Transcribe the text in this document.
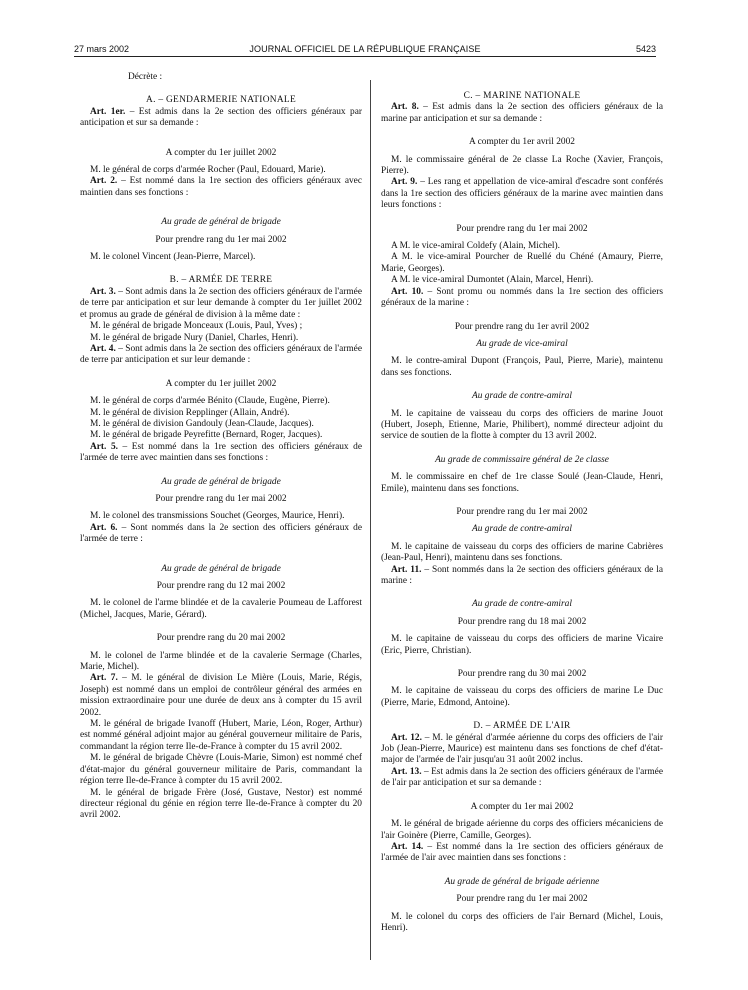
27 mars 2002	JOURNAL OFFICIEL DE LA RÉPUBLIQUE FRANÇAISE	5423

Décrète :

A. – GENDARMERIE NATIONALE

Art. 1er. – Est admis dans la 2e section des officiers généraux par anticipation et sur sa demande :

A compter du 1er juillet 2002

M. le général de corps d'armée Rocher (Paul, Edouard, Marie).

Art. 2. – Est nommé dans la 1re section des officiers généraux avec maintien dans ses fonctions :

Au grade de général de brigade

Pour prendre rang du 1er mai 2002

M. le colonel Vincent (Jean-Pierre, Marcel).

B. – ARMÉE DE TERRE

Art. 3. – Sont admis dans la 2e section des officiers généraux de l'armée de terre par anticipation et sur leur demande à compter du 1er juillet 2002 et promus au grade de général de division à la même date :

M. le général de brigade Monceaux (Louis, Paul, Yves) ;

M. le général de brigade Nury (Daniel, Charles, Henri).

Art. 4. – Sont admis dans la 2e section des officiers généraux de l'armée de terre par anticipation et sur leur demande :

A compter du 1er juillet 2002

M. le général de corps d'armée Bénito (Claude, Eugène, Pierre).

M. le général de division Repplinger (Allain, André).

M. le général de division Gandouly (Jean-Claude, Jacques).

M. le général de brigade Peyrefitte (Bernard, Roger, Jacques).

Art. 5. – Est nommé dans la 1re section des officiers généraux de l'armée de terre avec maintien dans ses fonctions :

Au grade de général de brigade

Pour prendre rang du 1er mai 2002

M. le colonel des transmissions Souchet (Georges, Maurice, Henri).

Art. 6. – Sont nommés dans la 2e section des officiers généraux de l'armée de terre :

Au grade de général de brigade

Pour prendre rang du 12 mai 2002

M. le colonel de l'arme blindée et de la cavalerie Poumeau de Lafforest (Michel, Jacques, Marie, Gérard).

Pour prendre rang du 20 mai 2002

M. le colonel de l'arme blindée et de la cavalerie Sermage (Charles, Marie, Michel).

Art. 7. – M. le général de division Le Mière (Louis, Marie, Régis, Joseph) est nommé dans un emploi de contrôleur général des armées en mission extraordinaire pour une durée de deux ans à compter du 15 avril 2002.

M. le général de brigade Ivanoff (Hubert, Marie, Léon, Roger, Arthur) est nommé général adjoint major au général gouverneur militaire de Paris, commandant la région terre Ile-de-France à compter du 15 avril 2002.

M. le général de brigade Chèvre (Louis-Marie, Simon) est nommé chef d'état-major du général gouverneur militaire de Paris, commandant la région terre Ile-de-France à compter du 15 avril 2002.

M. le général de brigade Frère (José, Gustave, Nestor) est nommé directeur régional du génie en région terre Ile-de-France à compter du 20 avril 2002.

C. – MARINE NATIONALE

Art. 8. – Est admis dans la 2e section des officiers généraux de la marine par anticipation et sur sa demande :

A compter du 1er avril 2002

M. le commissaire général de 2e classe La Roche (Xavier, François, Pierre).

Art. 9. – Les rang et appellation de vice-amiral d'escadre sont conférés dans la 1re section des officiers généraux de la marine avec maintien dans leurs fonctions :

Pour prendre rang du 1er mai 2002

A M. le vice-amiral Coldefy (Alain, Michel).

A M. le vice-amiral Pourcher de Ruellé du Chéné (Amaury, Pierre, Marie, Georges).

A M. le vice-amiral Dumontet (Alain, Marcel, Henri).

Art. 10. – Sont promu ou nommés dans la 1re section des officiers généraux de la marine :

Pour prendre rang du 1er avril 2002

Au grade de vice-amiral

M. le contre-amiral Dupont (François, Paul, Pierre, Marie), maintenu dans ses fonctions.

Au grade de contre-amiral

M. le capitaine de vaisseau du corps des officiers de marine Jouot (Hubert, Joseph, Etienne, Marie, Philibert), nommé directeur adjoint du service de soutien de la flotte à compter du 13 avril 2002.

Au grade de commissaire général de 2e classe

M. le commissaire en chef de 1re classe Soulé (Jean-Claude, Henri, Emile), maintenu dans ses fonctions.

Pour prendre rang du 1er mai 2002

Au grade de contre-amiral

M. le capitaine de vaisseau du corps des officiers de marine Cabrières (Jean-Paul, Henri), maintenu dans ses fonctions.

Art. 11. – Sont nommés dans la 2e section des officiers généraux de la marine :

Au grade de contre-amiral

Pour prendre rang du 18 mai 2002

M. le capitaine de vaisseau du corps des officiers de marine Vicaire (Eric, Pierre, Christian).

Pour prendre rang du 30 mai 2002

M. le capitaine de vaisseau du corps des officiers de marine Le Duc (Pierre, Marie, Edmond, Antoine).

D. – ARMÉE DE L'AIR

Art. 12. – M. le général d'armée aérienne du corps des officiers de l'air Job (Jean-Pierre, Maurice) est maintenu dans ses fonctions de chef d'état-major de l'armée de l'air jusqu'au 31 août 2002 inclus.

Art. 13. – Est admis dans la 2e section des officiers généraux de l'armée de l'air par anticipation et sur sa demande :

A compter du 1er mai 2002

M. le général de brigade aérienne du corps des officiers mécaniciens de l'air Goinère (Pierre, Camille, Georges).

Art. 14. – Est nommé dans la 1re section des officiers généraux de l'armée de l'air avec maintien dans ses fonctions :

Au grade de général de brigade aérienne

Pour prendre rang du 1er mai 2002

M. le colonel du corps des officiers de l'air Bernard (Michel, Louis, Henri).
